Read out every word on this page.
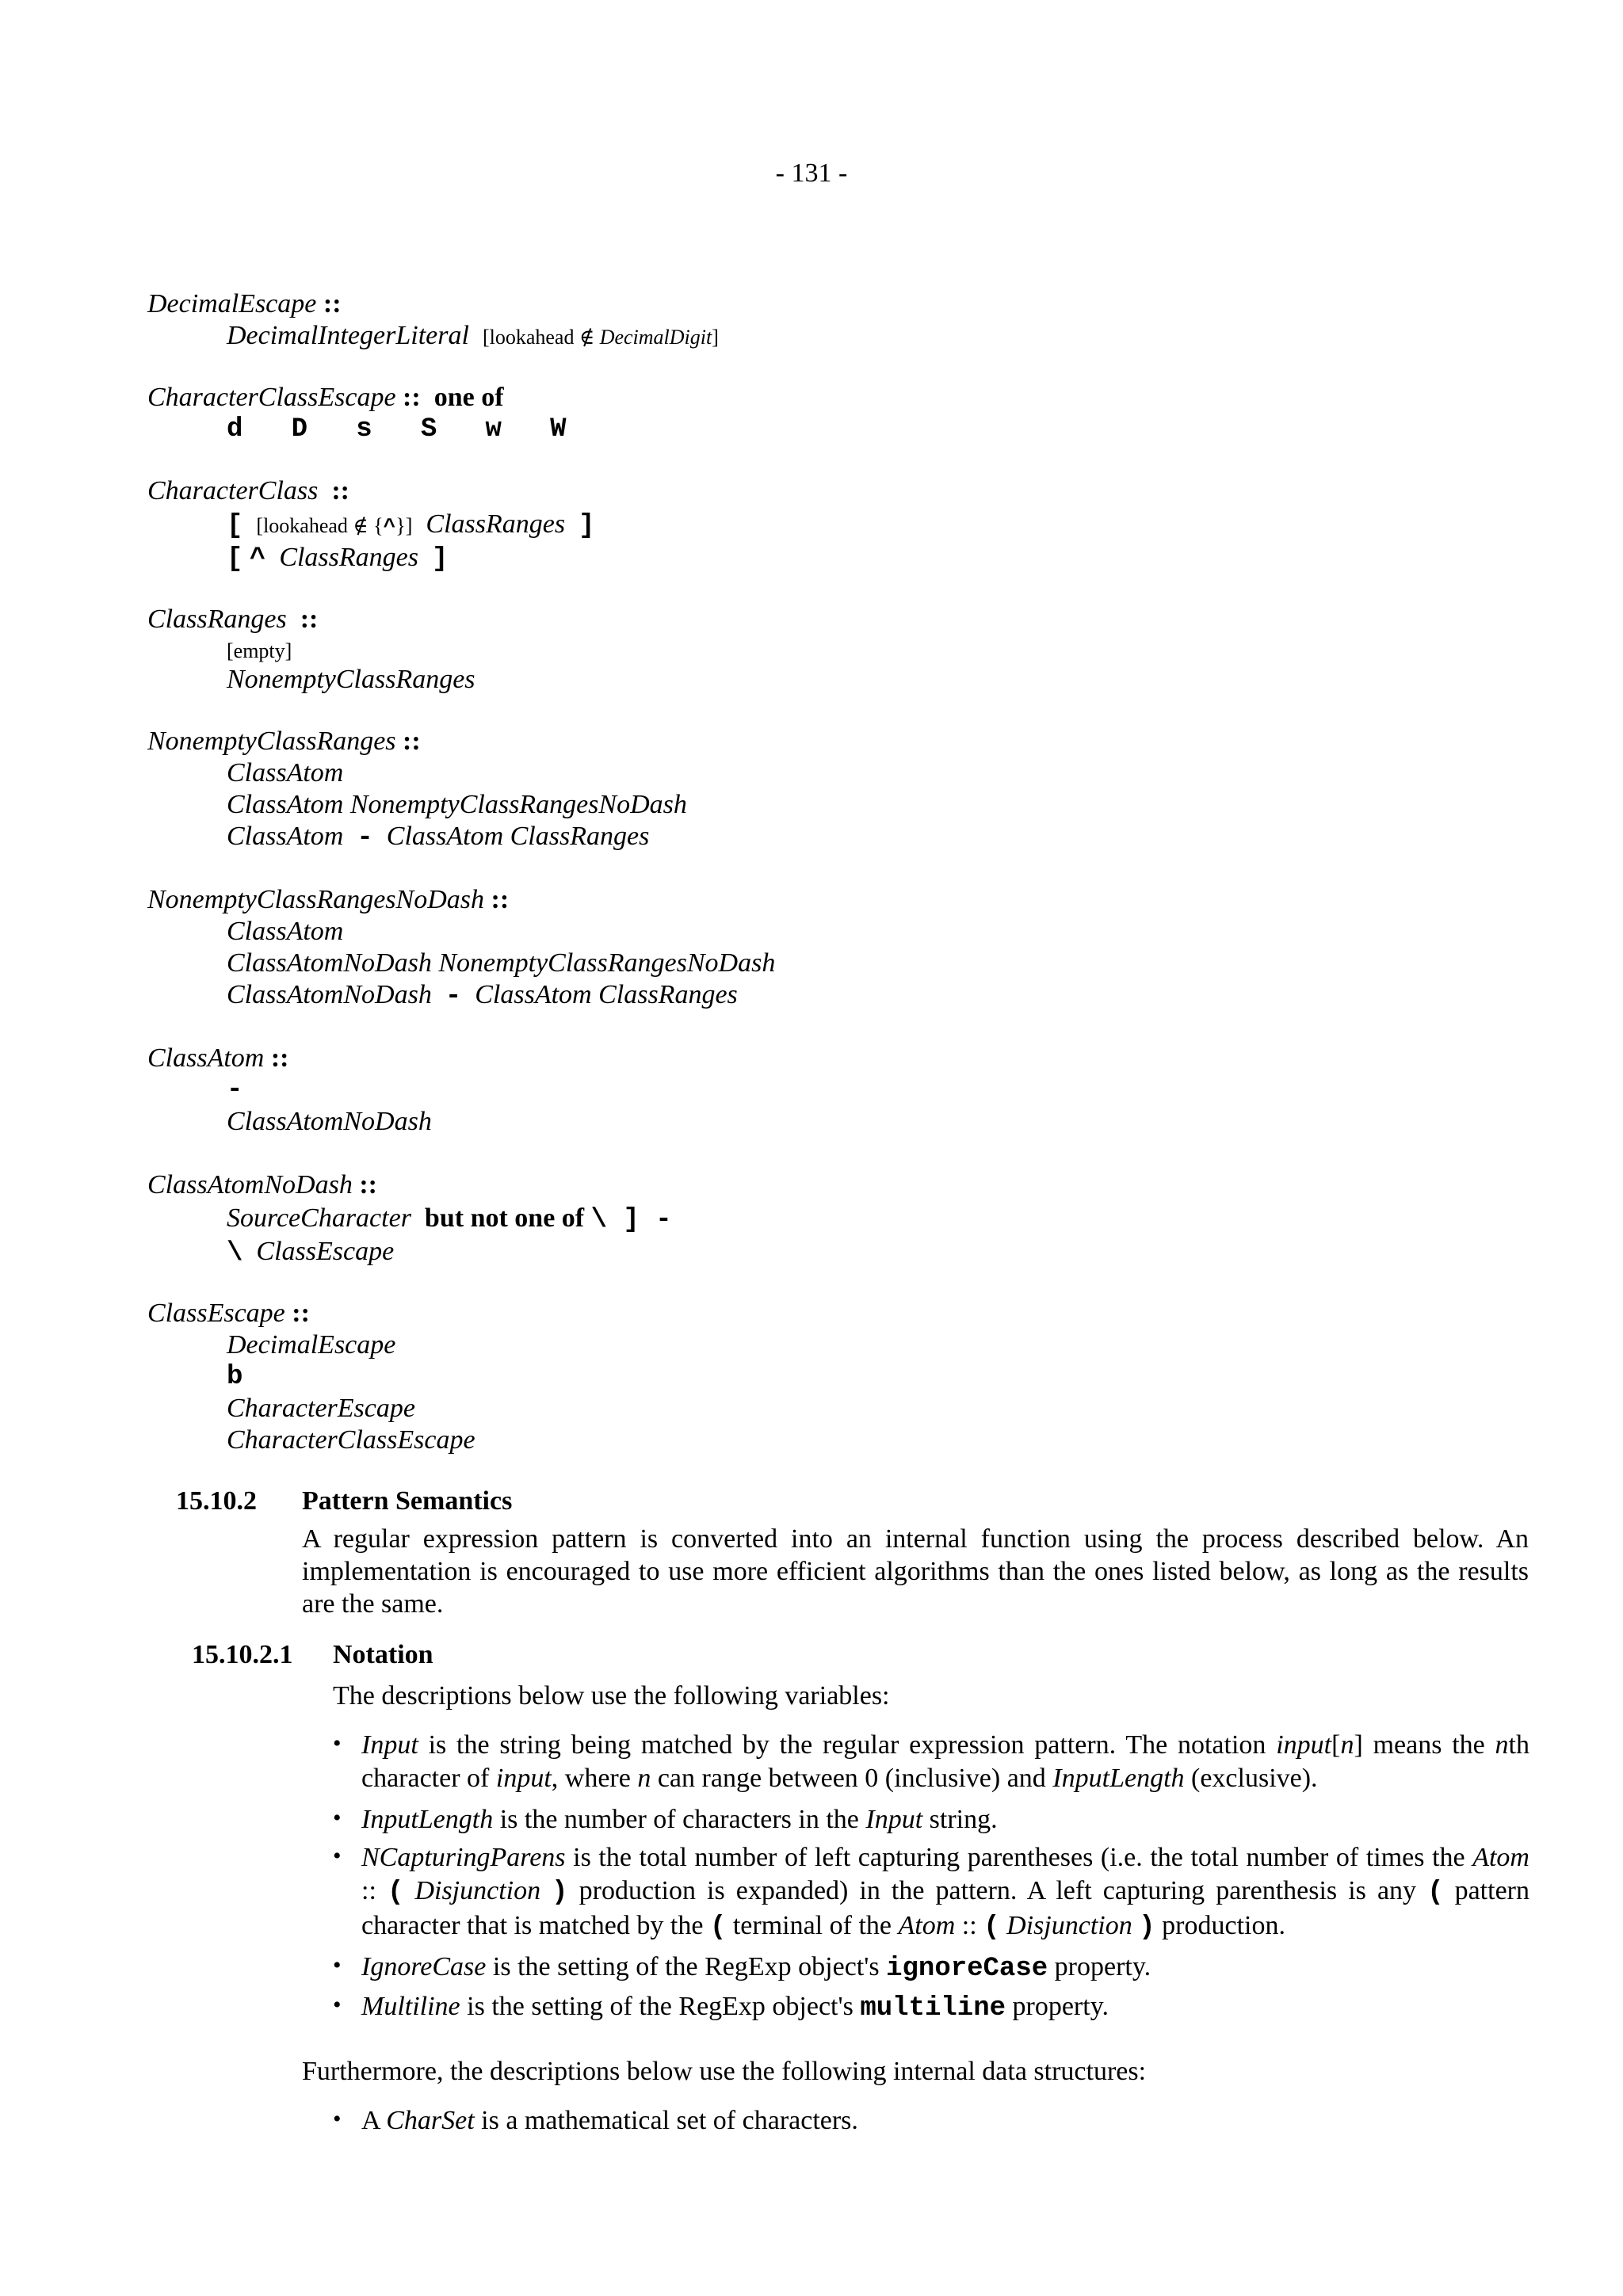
- 131 -
DecimalEscape ::
DecimalIntegerLiteral [lookahead ∉ DecimalDigit]
CharacterClassEscape :: one of
d   D   s   S   w   W
CharacterClass ::
[ [lookahead ∉ {^}] ClassRanges ]
[ ^ ClassRanges ]
ClassRanges ::
[empty]
NonemptyClassRanges
NonemptyClassRanges ::
ClassAtom
ClassAtom NonemptyClassRangesNoDash
ClassAtom - ClassAtom ClassRanges
NonemptyClassRangesNoDash ::
ClassAtom
ClassAtomNoDash NonemptyClassRangesNoDash
ClassAtomNoDash - ClassAtom ClassRanges
ClassAtom ::
-
ClassAtomNoDash
ClassAtomNoDash ::
SourceCharacter but not one of \ ] -
\ ClassEscape
ClassEscape ::
DecimalEscape
b
CharacterEscape
CharacterClassEscape
15.10.2 Pattern Semantics
A regular expression pattern is converted into an internal function using the process described below. An implementation is encouraged to use more efficient algorithms than the ones listed below, as long as the results are the same.
15.10.2.1 Notation
The descriptions below use the following variables:
• Input is the string being matched by the regular expression pattern. The notation input[n] means the nth character of input, where n can range between 0 (inclusive) and InputLength (exclusive).
• InputLength is the number of characters in the Input string.
• NCapturingParens is the total number of left capturing parentheses (i.e. the total number of times the Atom :: ( Disjunction ) production is expanded) in the pattern. A left capturing parenthesis is any ( pattern character that is matched by the ( terminal of the Atom :: ( Disjunction ) production.
• IgnoreCase is the setting of the RegExp object's ignoreCase property.
• Multiline is the setting of the RegExp object's multiline property.
Furthermore, the descriptions below use the following internal data structures:
• A CharSet is a mathematical set of characters.
